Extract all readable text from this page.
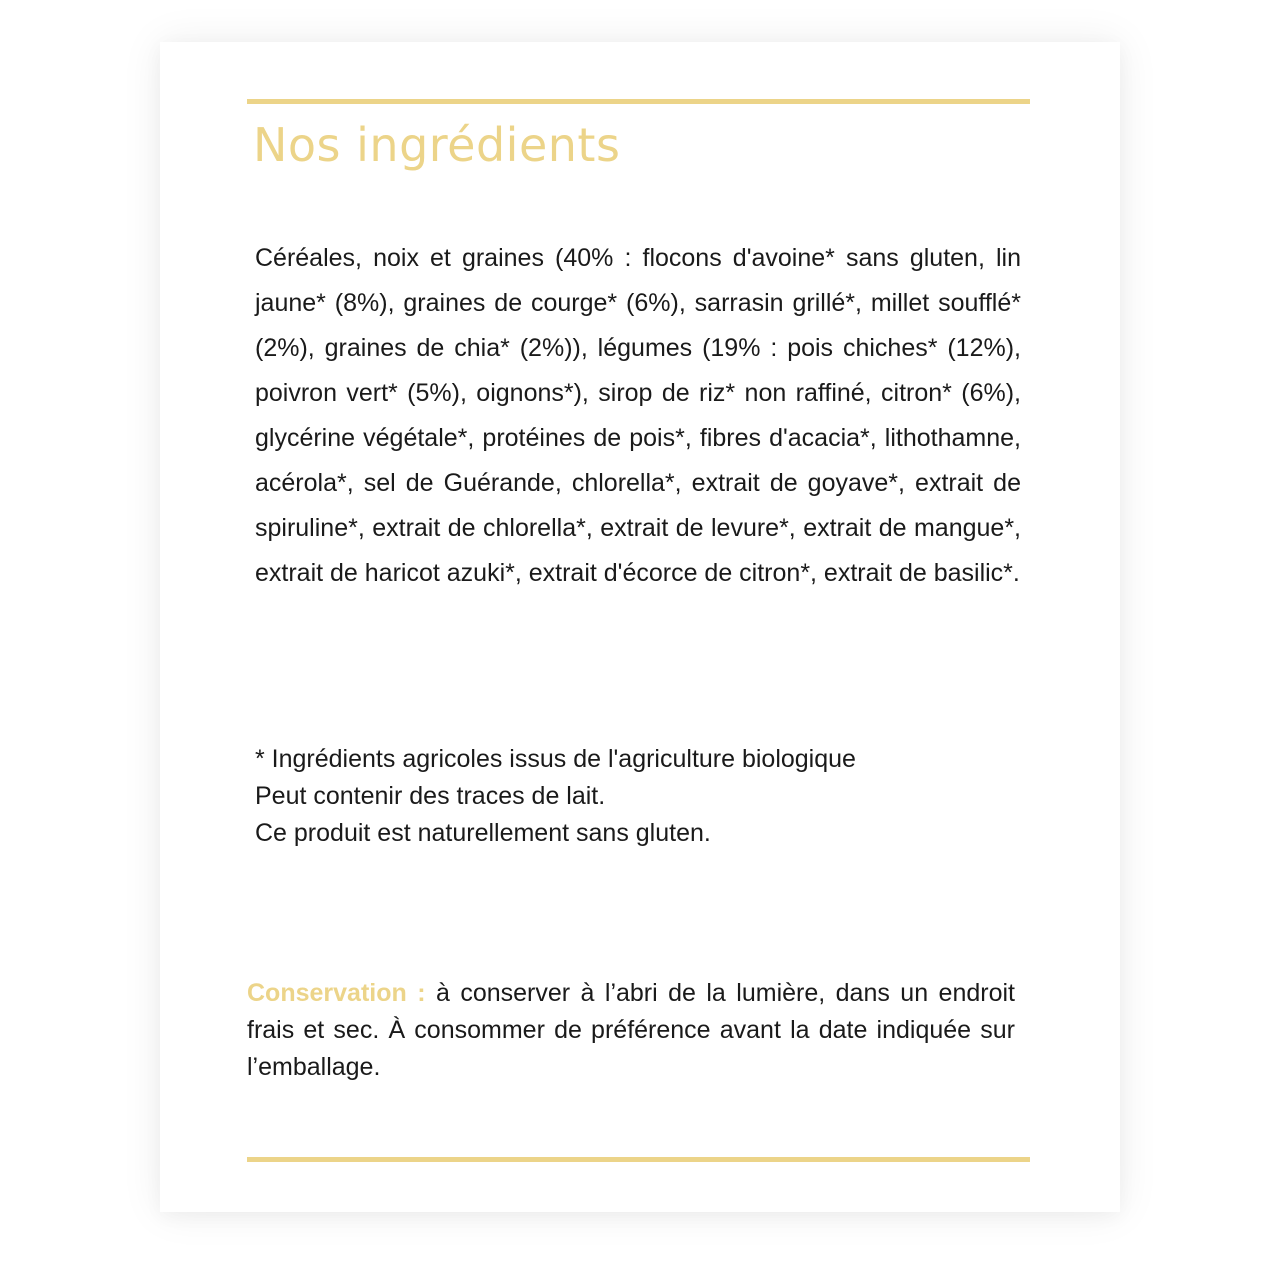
Nos ingrédients

Céréales, noix et graines (40% : flocons d'avoine* sans gluten, lin jaune* (8%), graines de courge* (6%), sarrasin grillé*, millet soufflé* (2%), graines de chia* (2%)), légumes (19% : pois chiches* (12%), poivron vert* (5%), oignons*), sirop de riz* non raffiné, citron* (6%), glycérine végétale*, protéines de pois*, fibres d'acacia*, lithothamne, acérola*, sel de Guérande, chlorella*, extrait de goyave*, extrait de spiruline*, extrait de chlorella*, extrait de levure*, extrait de mangue*, extrait de haricot azuki*, extrait d'écorce de citron*, extrait de basilic*.

* Ingrédients agricoles issus de l'agriculture biologique
Peut contenir des traces de lait.
Ce produit est naturellement sans gluten.

Conservation : à conserver à l’abri de la lumière, dans un endroit frais et sec. À consommer de préférence avant la date indiquée sur l’emballage.
